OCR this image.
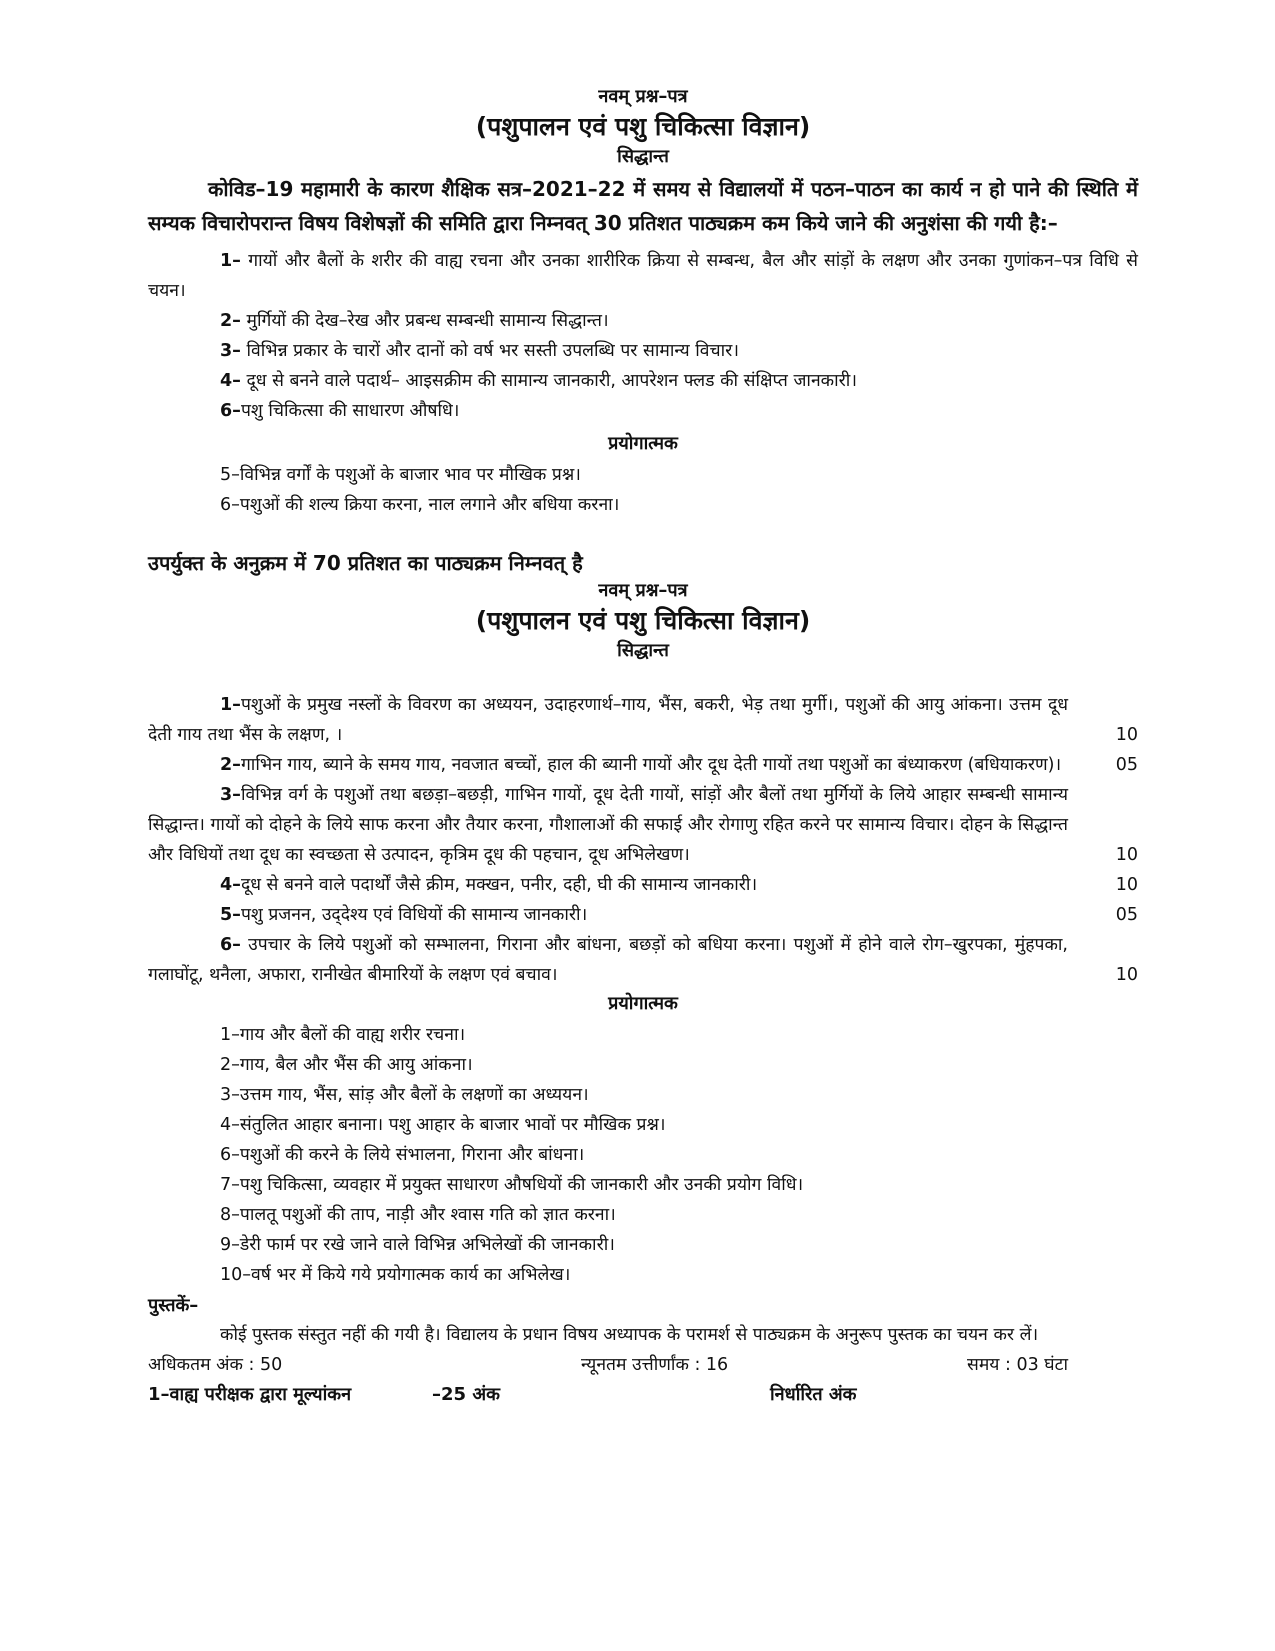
नवम् प्रश्न–पत्र

(पशुपालन एवं पशु चिकित्सा विज्ञान)

सिद्धान्त

कोविड–19 महामारी के कारण शैक्षिक सत्र–2021–22 में समय से विद्यालयों में पठन–पाठन का कार्य न हो पाने की स्थिति में सम्यक विचारोपरान्त विषय विशेषज्ञों की समिति द्वारा निम्नवत् 30 प्रतिशत पाठ्यक्रम कम किये जाने की अनुशंसा की गयी है:–

1– गायों और बैलों के शरीर की वाह्य रचना और उनका शारीरिक क्रिया से सम्बन्ध, बैल और सांड़ों के लक्षण और उनका गुणांकन–पत्र विधि से चयन।

2– मुर्गियों की देख–रेख और प्रबन्ध सम्बन्धी सामान्य सिद्धान्त।

3– विभिन्न प्रकार के चारों और दानों को वर्ष भर सस्ती उपलब्धि पर सामान्य विचार।

4– दूध से बनने वाले पदार्थ– आइसक्रीम की सामान्य जानकारी, आपरेशन फ्लड की संक्षिप्त जानकारी।

6–पशु चिकित्सा की साधारण औषधि।

प्रयोगात्मक

5–विभिन्न वर्गों के पशुओं के बाजार भाव पर मौखिक प्रश्न।

6–पशुओं की शल्य क्रिया करना, नाल लगाने और बधिया करना।

उपर्युक्त के अनुक्रम में 70 प्रतिशत का पाठ्यक्रम निम्नवत् है

नवम् प्रश्न–पत्र

(पशुपालन एवं पशु चिकित्सा विज्ञान)

सिद्धान्त

1–पशुओं के प्रमुख नस्लों के विवरण का अध्ययन, उदाहरणार्थ–गाय, भैंस, बकरी, भेड़ तथा मुर्गी।, पशुओं की आयु आंकना। उत्तम दूध देती गाय तथा भैंस के लक्षण, ।	10
2–गाभिन गाय, ब्याने के समय गाय, नवजात बच्चों, हाल की ब्यानी गायों और दूध देती गायों तथा पशुओं का बंध्याकरण (बधियाकरण)।	05
3–विभिन्न वर्ग के पशुओं तथा बछड़ा–बछड़ी, गाभिन गायों, दूध देती गायों, सांड़ों और बैलों तथा मुर्गियों के लिये आहार सम्बन्धी सामान्य सिद्धान्त। गायों को दोहने के लिये साफ करना और तैयार करना, गौशालाओं की सफाई और रोगाणु रहित करने पर सामान्य विचार। दोहन के सिद्धान्त और विधियों तथा दूध का स्वच्छता से उत्पादन, कृत्रिम दूध की पहचान, दूध अभिलेखण।	10
4–दूध से बनने वाले पदार्थों जैसे क्रीम, मक्खन, पनीर, दही, घी की सामान्य जानकारी।	10
5–पशु प्रजनन, उद्‌देश्य एवं विधियों की सामान्य जानकारी।	05
6– उपचार के लिये पशुओं को सम्भालना, गिराना और बांधना, बछड़ों को बधिया करना। पशुओं में होने वाले रोग–खुरपका, मुंहपका, गलाघोंटू, थनैला, अफारा, रानीखेत बीमारियों के लक्षण एवं बचाव।	10

प्रयोगात्मक

1–गाय और बैलों की वाह्य शरीर रचना।

2–गाय, बैल और भैंस की आयु आंकना।

3–उत्तम गाय, भैंस, सांड़ और बैलों के लक्षणों का अध्ययन।

4–संतुलित आहार बनाना। पशु आहार के बाजार भावों पर मौखिक प्रश्न।

6–पशुओं की करने के लिये संभालना, गिराना और बांधना।

7–पशु चिकित्सा, व्यवहार में प्रयुक्त साधारण औषधियों की जानकारी और उनकी प्रयोग विधि।

8–पालतू पशुओं की ताप, नाड़ी और श्वास गति को ज्ञात करना।

9–डेरी फार्म पर रखे जाने वाले विभिन्न अभिलेखों की जानकारी।

10–वर्ष भर में किये गये प्रयोगात्मक कार्य का अभिलेख।

पुस्तकें–

कोई पुस्तक संस्तुत नहीं की गयी है। विद्यालय के प्रधान विषय अध्यापक के परामर्श से पाठ्यक्रम के अनुरूप पुस्तक का चयन कर लें।

अधिकतम अंक : 50	न्यूनतम उत्तीर्णांक : 16	समय : 03 घंटा
1–वाह्य परीक्षक द्वारा मूल्यांकन	–25 अंक	निर्धारित अंक
